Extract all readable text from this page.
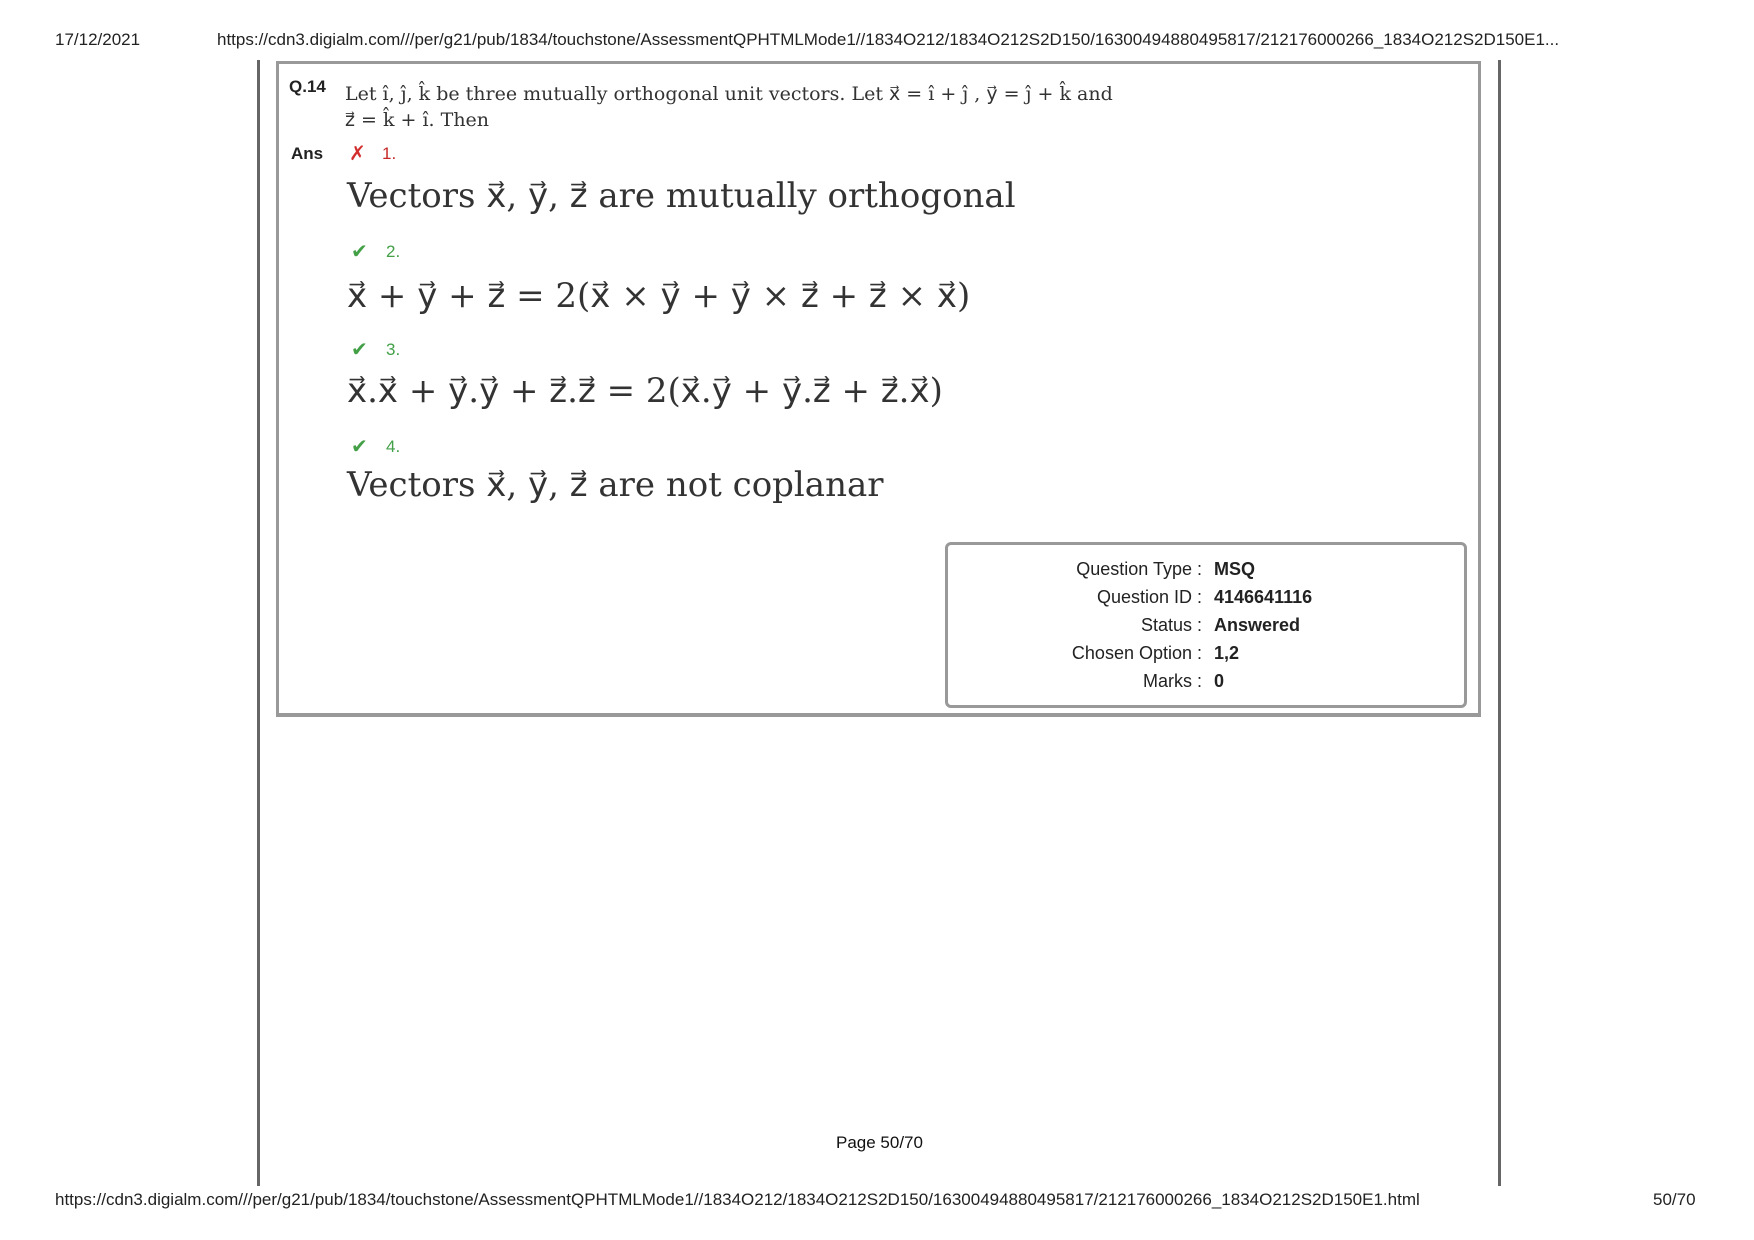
17/12/2021	https://cdn3.digialm.com///per/g21/pub/1834/touchstone/AssessmentQPHTMLMode1//1834O212/1834O212S2D150/16300494880495817/212176000266_1834O212S2D150E1...
Q.14 Let î, ĵ, k̂ be three mutually orthogonal unit vectors. Let x⃗ = î + ĵ , y⃗ = ĵ + k̂ and
z⃗ = k̂ + î. Then
Ans ✗ 1.
Vectors x⃗, y⃗, z⃗ are mutually orthogonal
✔ 2.
x⃗ + y⃗ + z⃗ = 2(x⃗ × y⃗ + y⃗ × z⃗ + z⃗ × x⃗)
✔ 3.
x⃗.x⃗ + y⃗.y⃗ + z⃗.z⃗ = 2(x⃗.y⃗ + y⃗.z⃗ + z⃗.x⃗)
✔ 4.
Vectors x⃗, y⃗, z⃗ are not coplanar
Question Type : MSQ
Question ID : 4146641116
Status : Answered
Chosen Option : 1,2
Marks : 0
Page 50/70
https://cdn3.digialm.com///per/g21/pub/1834/touchstone/AssessmentQPHTMLMode1//1834O212/1834O212S2D150/16300494880495817/212176000266_1834O212S2D150E1.html	50/70
